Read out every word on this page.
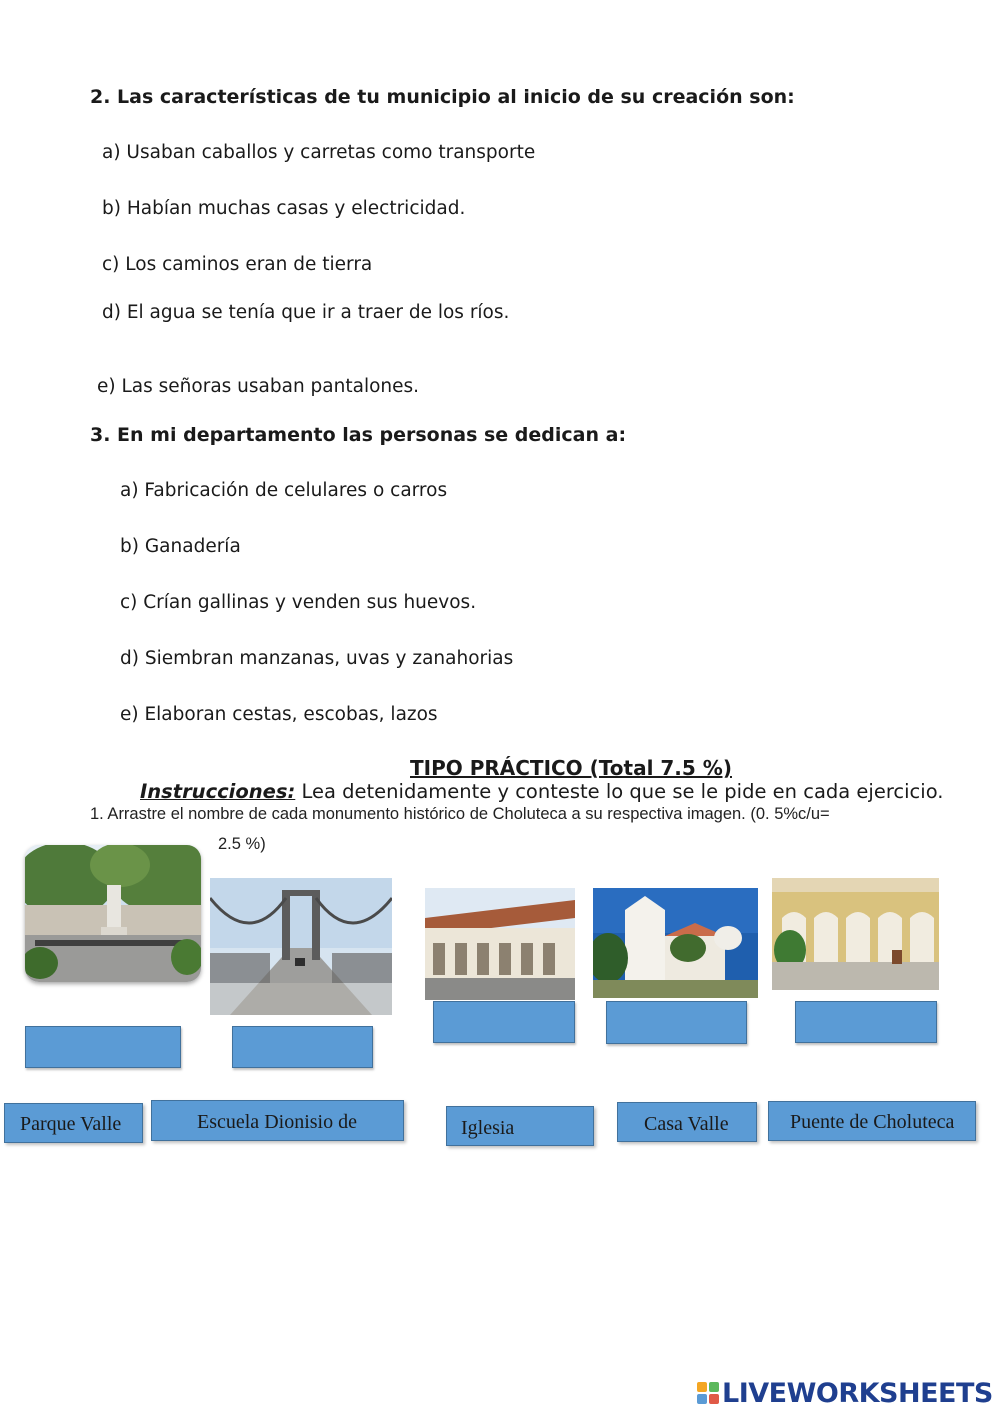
2. Las características de tu municipio al inicio de su creación son:
a) Usaban caballos y carretas como transporte
b) Habían muchas casas y electricidad.
c) Los caminos eran de tierra
d) El agua se tenía que ir a traer de los ríos.
e) Las señoras usaban pantalones.
3. En mi departamento las personas se dedican a:
a) Fabricación de celulares o carros
b) Ganadería
c) Crían gallinas y venden sus huevos.
d) Siembran manzanas, uvas y zanahorias
e) Elaboran cestas, escobas, lazos
TIPO PRÁCTICO (Total 7.5 %)
Instrucciones: Lea detenidamente y conteste lo que se le pide en cada ejercicio.
1. Arrastre el nombre de cada monumento histórico de Choluteca a su respectiva imagen. (0. 5%c/u=
2.5 %)
Parque Valle	Escuela Dionisio de	Iglesia	Casa Valle	Puente de Choluteca
LIVEWORKSHEETS
